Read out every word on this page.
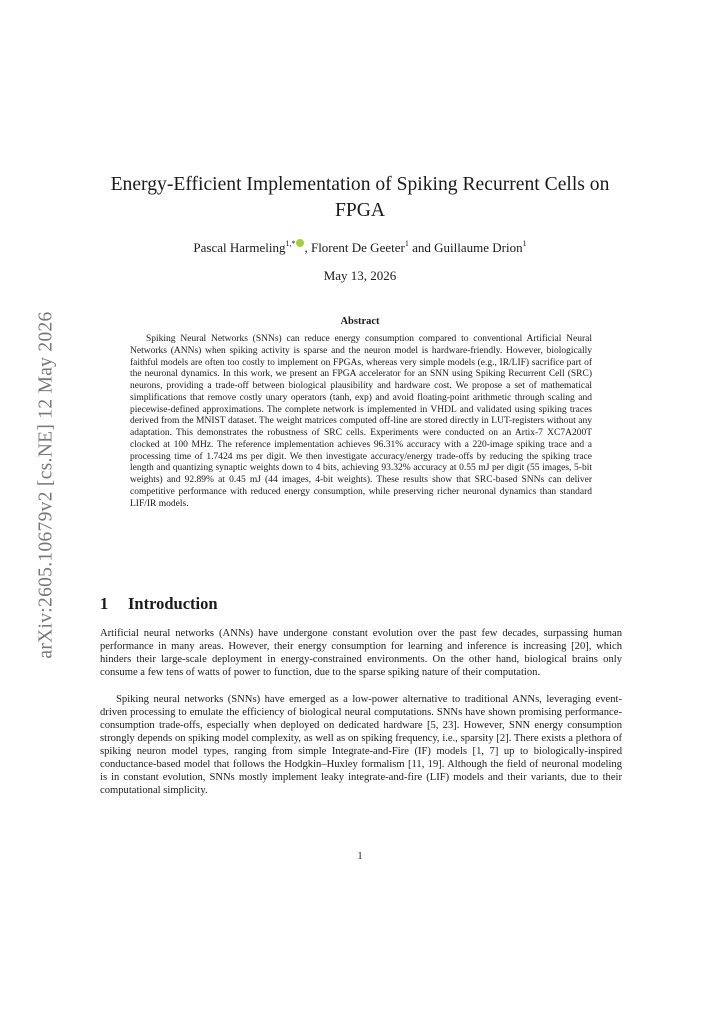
arXiv:2605.10679v2 [cs.NE] 12 May 2026
Energy-Efficient Implementation of Spiking Recurrent Cells on FPGA
Pascal Harmeling$^{1,*}$ , Florent De Geeter$^1$ and Guillaume Drion$^1$
May 13, 2026
Abstract

Spiking Neural Networks (SNNs) can reduce energy consumption compared to conventional Artificial Neural Networks (ANNs) when spiking activity is sparse and the neuron model is hardware-friendly. However, biologically faithful models are often too costly to implement on FPGAs, whereas very simple models (e.g., IR/LIF) sacrifice part of the neuronal dynamics. In this work, we present an FPGA accelerator for an SNN using Spiking Recurrent Cell (SRC) neurons, providing a trade-off between biological plausibility and hardware cost. We propose a set of mathematical simplifications that remove costly unary operators (tanh, exp) and avoid floating-point arithmetic through scaling and piecewise-defined approximations. The complete network is implemented in VHDL and validated using spiking traces derived from the MNIST dataset. The weight matrices computed off-line are stored directly in LUT-registers without any adaptation. This demonstrates the robustness of SRC cells. Experiments were conducted on an Artix-7 XC7A200T clocked at 100 MHz. The reference implementation achieves 96.31% accuracy with a 220-image spiking trace and a processing time of 1.7424 ms per digit. We then investigate accuracy/energy trade-offs by reducing the spiking trace length and quantizing synaptic weights down to 4 bits, achieving 93.32% accuracy at 0.55 mJ per digit (55 images, 5-bit weights) and 92.89% at 0.45 mJ (44 images, 4-bit weights). These results show that SRC-based SNNs can deliver competitive performance with reduced energy consumption, while preserving richer neuronal dynamics than standard LIF/IR models.

1 Introduction

Artificial neural networks (ANNs) have undergone constant evolution over the past few decades, surpassing human performance in many areas. However, their energy consumption for learning and inference is increasing [20], which hinders their large-scale deployment in energy-constrained environments. On the other hand, biological brains only consume a few tens of watts of power to function, due to the sparse spiking nature of their computation.

Spiking neural networks (SNNs) have emerged as a low-power alternative to traditional ANNs, leveraging event-driven processing to emulate the efficiency of biological neural computations. SNNs have shown promising performance-consumption trade-offs, especially when deployed on dedicated hardware [5, 23]. However, SNN energy consumption strongly depends on spiking model complexity, as well as on spiking frequency, i.e., sparsity [2]. There exists a plethora of spiking neuron model types, ranging from simple Integrate-and-Fire (IF) models [1, 7] up to biologically-inspired conductance-based model that follows the Hodgkin–Huxley formalism [11, 19]. Although the field of neuronal modeling is in constant evolution, SNNs mostly implement leaky integrate-and-fire (LIF) models and their variants, due to their computational simplicity.

1
